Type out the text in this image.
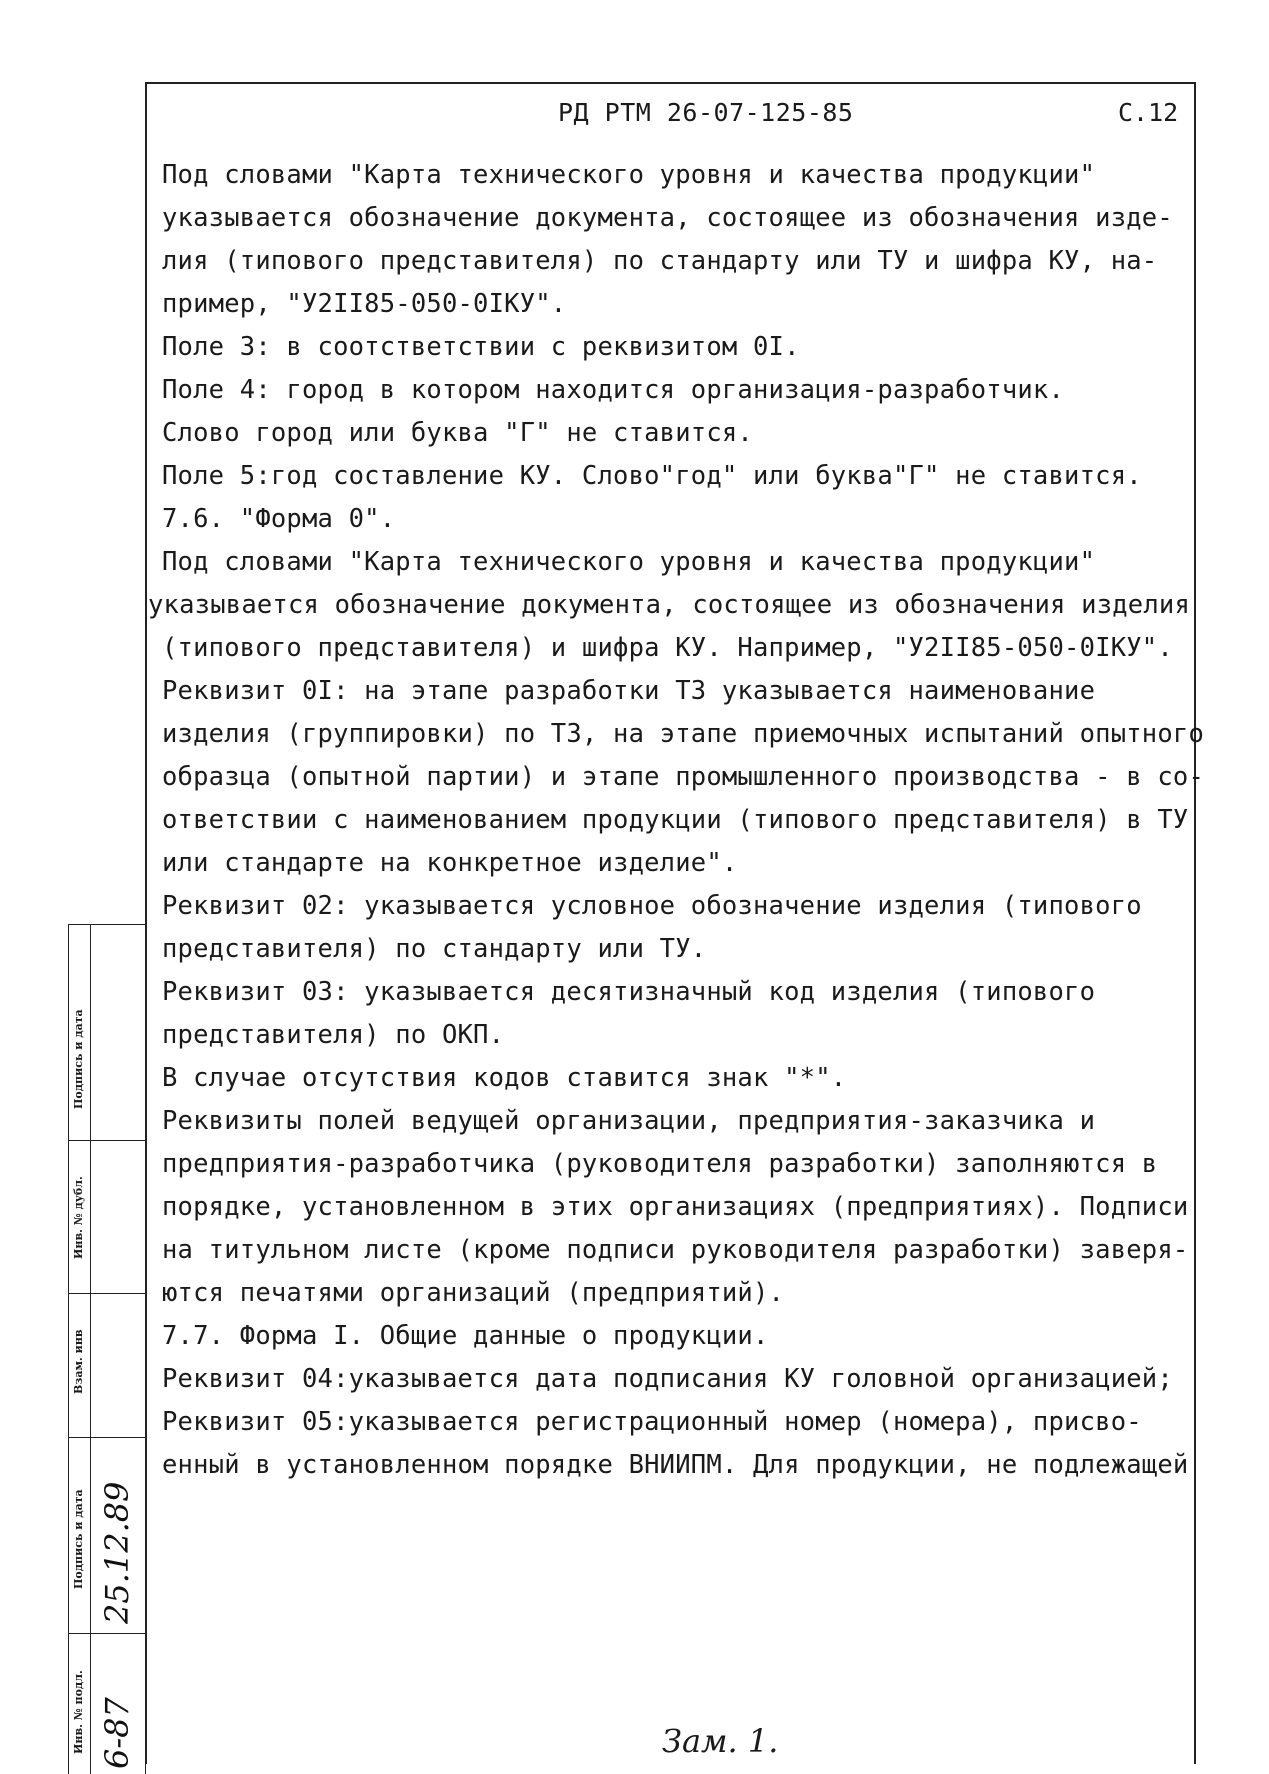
РД РТМ 26-07-125-85	С.12
Под словами "Карта технического уровня и качества продукции"
указывается обозначение документа, состоящее из обозначения изде-
лия (типового представителя) по стандарту или ТУ и шифра КУ, на-
пример, "У2II85-050-0IКУ".
Поле 3: в соотстветствии с реквизитом 0I.
Поле 4: город в котором находится организация-разработчик.
Слово город или буква "Г" не ставится.
Поле 5:год составление КУ. Слово"год" или буква"Г" не ставится.
7.6. "Форма 0".
Под словами "Карта технического уровня и качества продукции"
указывается обозначение документа, состоящее из обозначения изделия
(типового представителя) и шифра КУ. Например, "У2II85-050-0IКУ".
Реквизит 0I: на этапе разработки ТЗ указывается наименование
изделия (группировки) по ТЗ, на этапе приемочных испытаний опытного
образца (опытной партии) и этапе промышленного производства - в со-
ответствии с наименованием продукции (типового представителя) в ТУ
или стандарте на конкретное изделие".
Реквизит 02: указывается условное обозначение изделия (типового
представителя) по стандарту или ТУ.
Реквизит 03: указывается десятизначный код изделия (типового
представителя) по ОКП.
В случае отсутствия кодов ставится знак "*".
Реквизиты полей ведущей организации, предприятия-заказчика и
предприятия-разработчика (руководителя разработки) заполняются в
порядке, установленном в этих организациях (предприятиях). Подписи
на титульном листе (кроме подписи руководителя разработки) заверя-
ются печатями организаций (предприятий).
7.7. Форма I. Общие данные о продукции.
Реквизит 04:указывается дата подписания КУ головной организацией;
Реквизит 05:указывается регистрационный номер (номера), присво-
енный в установленном порядке ВНИИПМ. Для продукции, не подлежащей
Подпись и дата
Инв. № дубл.
Взам. инв
Подпись и дата
Инв. № подл. 6-87
25.12.89
Зам. 1.
